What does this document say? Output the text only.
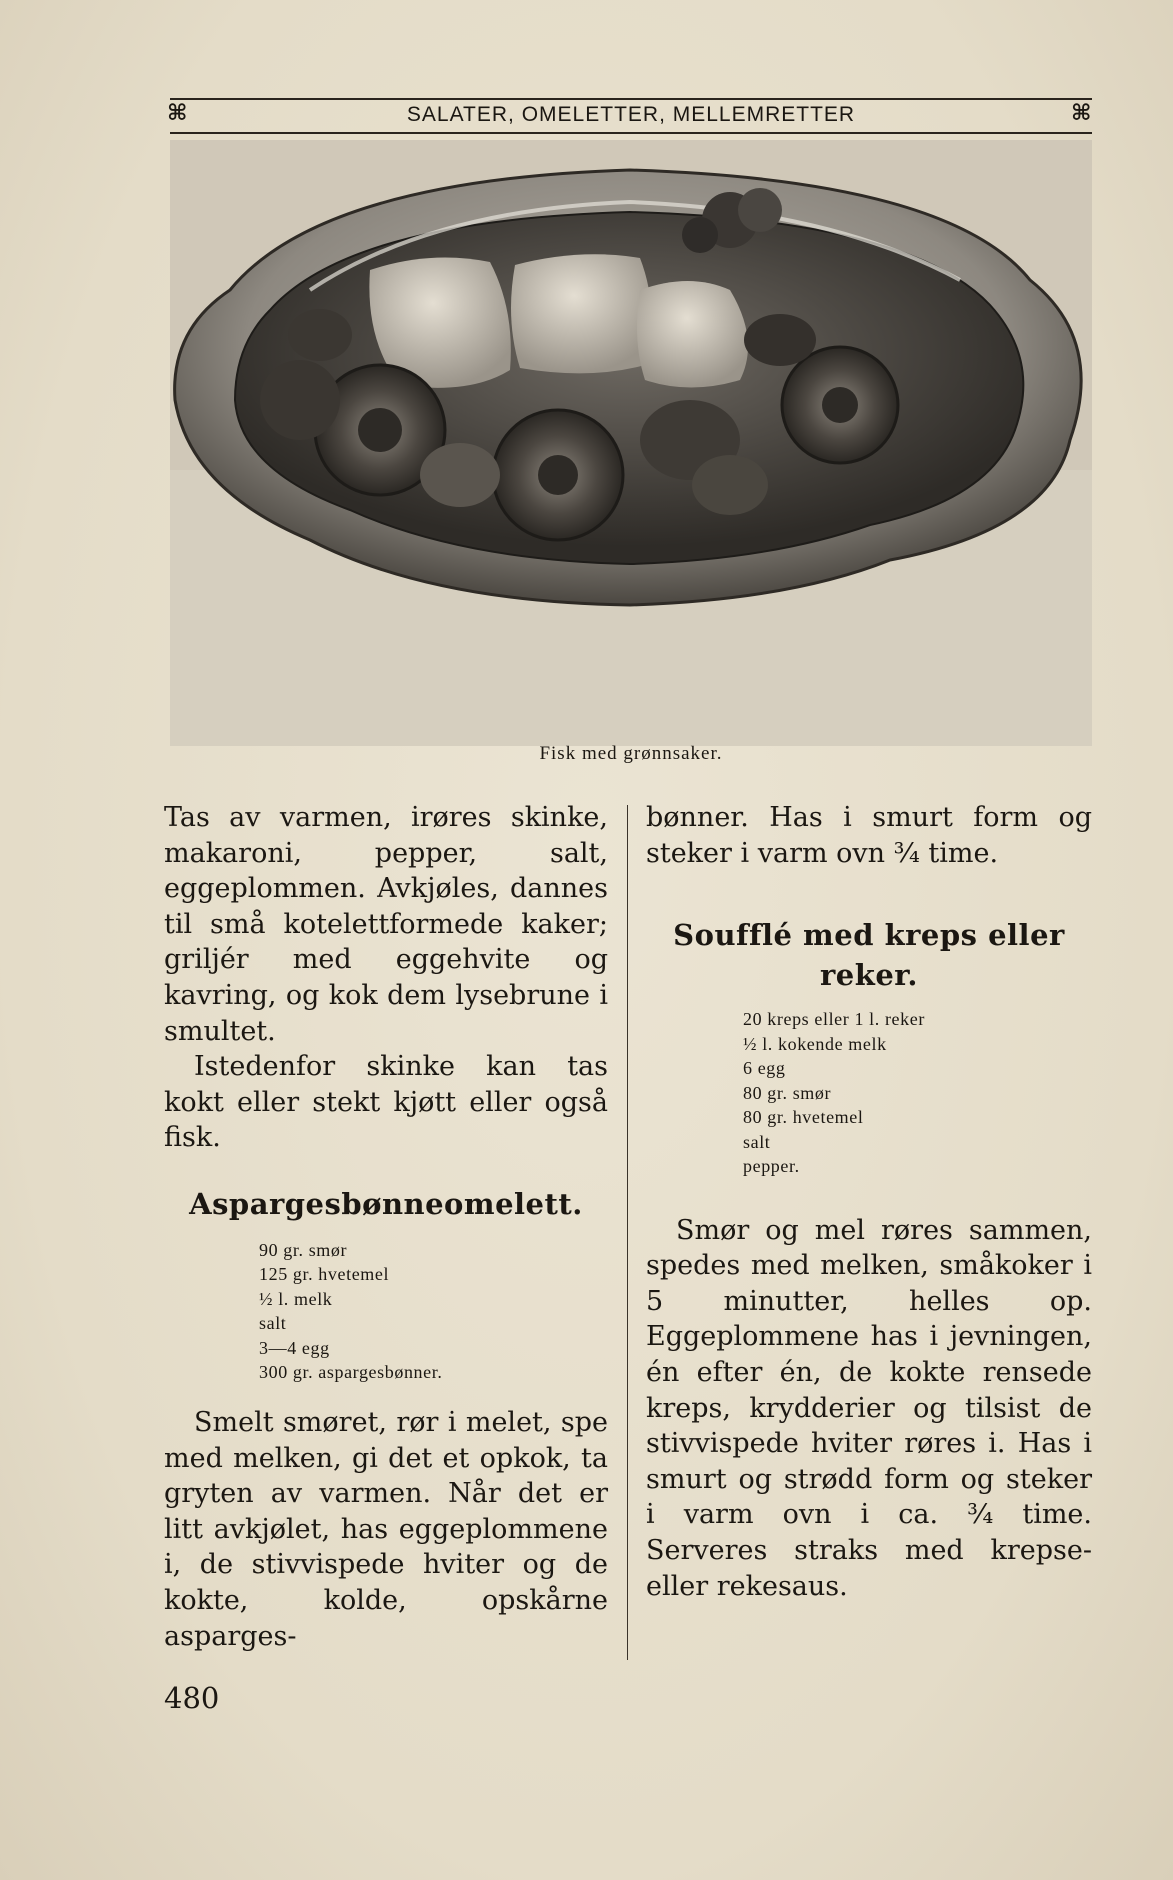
⌘	SALATER, OMELETTER, MELLEMRETTER	⌘
Fisk med grønnsaker.

Tas av varmen, irøres skinke, makaroni, pepper, salt, eggeplommen. Avkjøles, dannes til små kotelettformede kaker; griljér med eggehvite og kavring, og kok dem lysebrune i smultet.

Istedenfor skinke kan tas kokt eller stekt kjøtt eller også fisk.

Aspargesbønneomelett.
90 gr. smør
125 gr. hvetemel
½ l. melk
salt
3—4 egg
300 gr. aspargesbønner.

Smelt smøret, rør i melet, spe med melken, gi det et opkok, ta gryten av varmen. Når det er litt avkjølet, has eggeplommene i, de stivvispede hviter og de kokte, kolde, opskårne asparges-

bønner. Has i smurt form og steker i varm ovn ¾ time.

Soufflé med kreps eller
reker.
20 kreps eller 1 l. reker
½ l. kokende melk
6 egg
80 gr. smør
80 gr. hvetemel
salt
pepper.

Smør og mel røres sammen, spedes med melken, småkoker i 5 minutter, helles op. Eggeplommene has i jevningen, én efter én, de kokte rensede kreps, krydderier og tilsist de stivvispede hviter røres i. Has i smurt og strødd form og steker i varm ovn i ca. ¾ time. Serveres straks med krepse- eller rekesaus.

480
